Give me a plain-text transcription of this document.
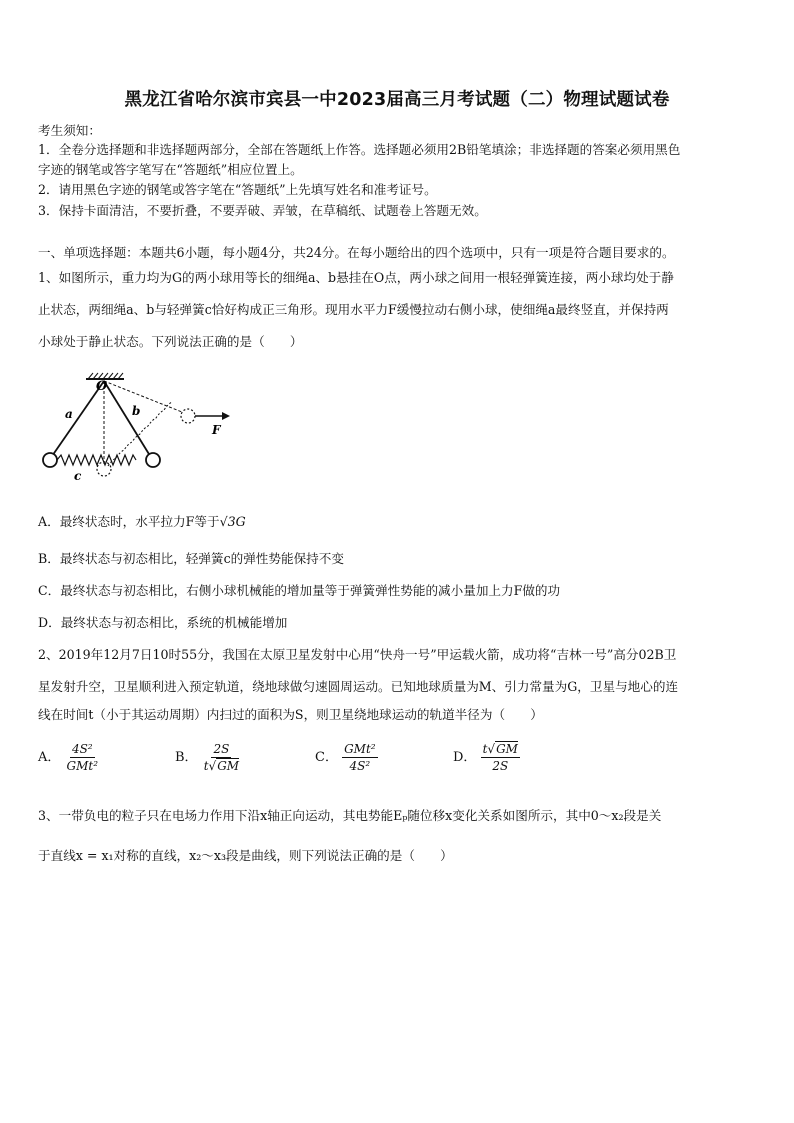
黑龙江省哈尔滨市宾县一中2023届高三月考试题（二）物理试题试卷
考生须知：
1．全卷分选择题和非选择题两部分，全部在答题纸上作答。选择题必须用2B铅笔填涂；非选择题的答案必须用黑色
字迹的钢笔或答字笔写在“答题纸”相应位置上。
2．请用黑色字迹的钢笔或答字笔在“答题纸”上先填写姓名和准考证号。
3．保持卡面清洁，不要折叠，不要弄破、弄皱，在草稿纸、试题卷上答题无效。
一、单项选择题：本题共6小题，每小题4分，共24分。在每小题给出的四个选项中，只有一项是符合题目要求的。
1、如图所示，重力均为G的两小球用等长的细绳a、b悬挂在O点，两小球之间用一根轻弹簧连接，两小球均处于静
止状态，两细绳a、b与轻弹簧c恰好构成正三角形。现用水平力F缓慢拉动右侧小球，使细绳a最终竖直，并保持两
小球处于静止状态。下列说法正确的是（　　）
O
a	b
c
F
A．最终状态时，水平拉力F等于√3G
B．最终状态与初态相比，轻弹簧c的弹性势能保持不变
C．最终状态与初态相比，右侧小球机械能的增加量等于弹簧弹性势能的减小量加上力F做的功
D．最终状态与初态相比，系统的机械能增加
2、2019年12月7日10时55分，我国在太原卫星发射中心用“快舟一号”甲运载火箭，成功将“吉林一号”高分02B卫
星发射升空，卫星顺利进入预定轨道，绕地球做匀速圆周运动。已知地球质量为M、引力常量为G，卫星与地心的连
线在时间t（小于其运动周期）内扫过的面积为S，则卫星绕地球运动的轨道半径为（　　）
A． $\frac{\text{4S²}}{\text{GMt²}}$	B． $\frac{2S}{t√GM}$	C． $\frac{\text{GMt²}}{\text{4S²}}$	D． $\frac{t√GM}{2S}$
3、一带负电的粒子只在电场力作用下沿x轴正向运动，其电势能Eₚ随位移x变化关系如图所示，其中0～x₂段是关
于直线x = x₁对称的直线，x₂～x₃段是曲线，则下列说法正确的是（　　）
